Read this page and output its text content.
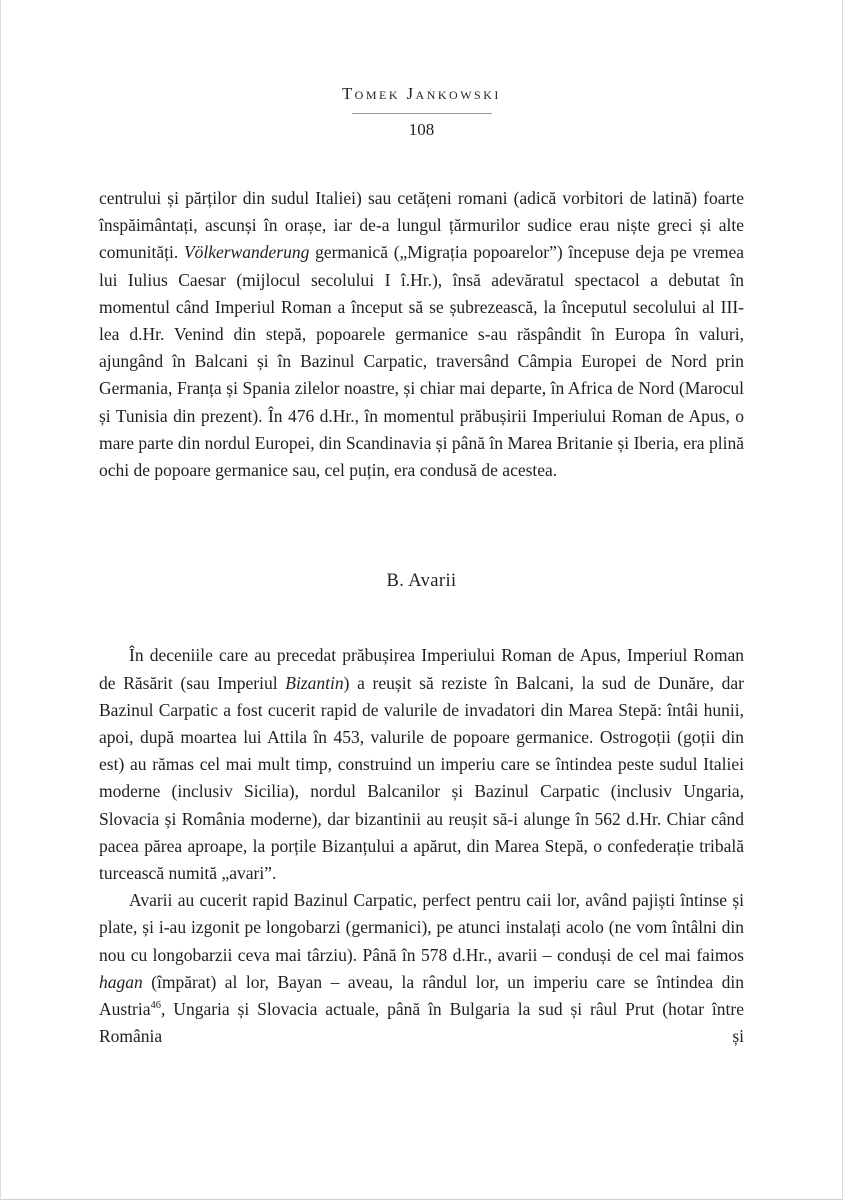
Tomek Jankowski
108

centrului și părților din sudul Italiei) sau cetățeni romani (adică vorbitori de latină) foarte înspăimântați, ascunși în orașe, iar de-a lungul țărmurilor sudice erau niște greci și alte comunități. Völkerwanderung germanică („Migrația popoarelor”) începuse deja pe vremea lui Iulius Caesar (mijlocul secolului I î.Hr.), însă adevăratul spectacol a debutat în momentul când Imperiul Roman a început să se șubrezească, la începutul secolului al III-lea d.Hr. Venind din stepă, popoarele germanice s-au răspândit în Europa în valuri, ajungând în Balcani și în Bazinul Carpatic, traversând Câmpia Europei de Nord prin Germania, Franța și Spania zilelor noastre, și chiar mai departe, în Africa de Nord (Marocul și Tunisia din prezent). În 476 d.Hr., în momentul prăbușirii Imperiului Roman de Apus, o mare parte din nordul Europei, din Scandinavia și până în Marea Britanie și Iberia, era plină ochi de popoare germanice sau, cel puțin, era condusă de acestea.

B. Avarii

În deceniile care au precedat prăbușirea Imperiului Roman de Apus, Imperiul Roman de Răsărit (sau Imperiul Bizantin) a reușit să reziste în Balcani, la sud de Dunăre, dar Bazinul Carpatic a fost cucerit rapid de valurile de invadatori din Marea Stepă: întâi hunii, apoi, după moartea lui Attila în 453, valurile de popoare germanice. Ostrogoții (goții din est) au rămas cel mai mult timp, construind un imperiu care se întindea peste sudul Italiei moderne (inclusiv Sicilia), nordul Balcanilor și Bazinul Carpatic (inclusiv Ungaria, Slovacia și România moderne), dar bizantinii au reușit să-i alunge în 562 d.Hr. Chiar când pacea părea aproape, la porțile Bizanțului a apărut, din Marea Stepă, o confederație tribală turcească numită „avari”.

Avarii au cucerit rapid Bazinul Carpatic, perfect pentru caii lor, având pajiști întinse și plate, și i-au izgonit pe longobarzi (germanici), pe atunci instalați acolo (ne vom întâlni din nou cu longobarzii ceva mai târziu). Până în 578 d.Hr., avarii – conduși de cel mai faimos hagan (împărat) al lor, Bayan – aveau, la rândul lor, un imperiu care se întindea din Austria$^{46}$, Ungaria și Slovacia actuale, până în Bulgaria la sud și râul Prut (hotar între România și
